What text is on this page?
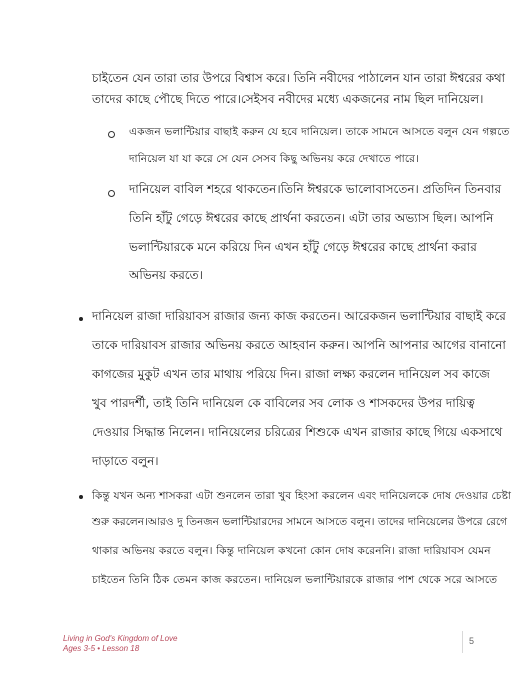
চাইতেন যেন তারা তার উপরে বিশ্বাস করে। তিনি নবীদের পাঠালেন যান তারা ঈশ্বরের কথা
তাদের কাছে পৌছে দিতে পারে।সেইসব নবীদের মধ্যে একজনের নাম ছিল দানিয়েল।
একজন ভলান্টিয়ার বাছাই করুন যে হবে দানিয়েল। তাকে সামনে আসতে বলুন যেন গল্পতে
দানিয়েল যা যা করে সে যেন সেসব কিছু অভিনয় করে দেখাতে পারে।
দানিয়েল বাবিল শহরে থাকতেন।তিনি ঈশ্বরকে ভালোবাসতেন। প্রতিদিন তিনবার
তিনি হাঁটু গেড়ে ঈশ্বরের কাছে প্রার্থনা করতেন। এটা তার অভ্যাস ছিল। আপনি
ভলান্টিয়ারকে মনে করিয়ে দিন এখন হাঁটু গেড়ে ঈশ্বরের কাছে প্রার্থনা করার
অভিনয় করতে।
দানিয়েল রাজা দারিয়াবস রাজার জন্য কাজ করতেন। আরেকজন ভলান্টিয়ার বাছাই করে
তাকে দারিয়াবস রাজার অভিনয় করতে আহবান করুন। আপনি আপনার আগের বানানো
কাগজের মুকুট এখন তার মাথায় পরিয়ে দিন। রাজা লক্ষ্য করলেন দানিয়েল সব কাজে
খুব পারদর্শী, তাই তিনি দানিয়েল কে বাবিলের সব লোক ও শাসকদের উপর দায়িত্ব
দেওয়ার সিদ্ধান্ত নিলেন। দানিয়েলের চরিত্রের শিশুকে এখন রাজার কাছে গিয়ে একসাথে
দাড়াতে বলুন।
কিন্তু যখন অন্য শাসকরা এটা শুনলেন তারা খুব হিংসা করলেন এবং দানিয়েলকে দোষ দেওয়ার চেষ্টা
শুরু করলেন।আরও দু তিনজন ভলান্টিয়ারদের সামনে আসতে বলুন। তাদের দানিয়েলের উপরে রেগে
থাকার অভিনয় করতে বলুন। কিন্তু দানিয়েল কখনো কোন দোষ করেননি। রাজা দারিয়াবস যেমন
চাইতেন তিনি ঠিক তেমন কাজ করতেন। দানিয়েল ভলান্টিয়ারকে রাজার পাশ থেকে সরে আসতে
Living in God's Kingdom of Love
Ages 3-5 • Lesson 18
5
